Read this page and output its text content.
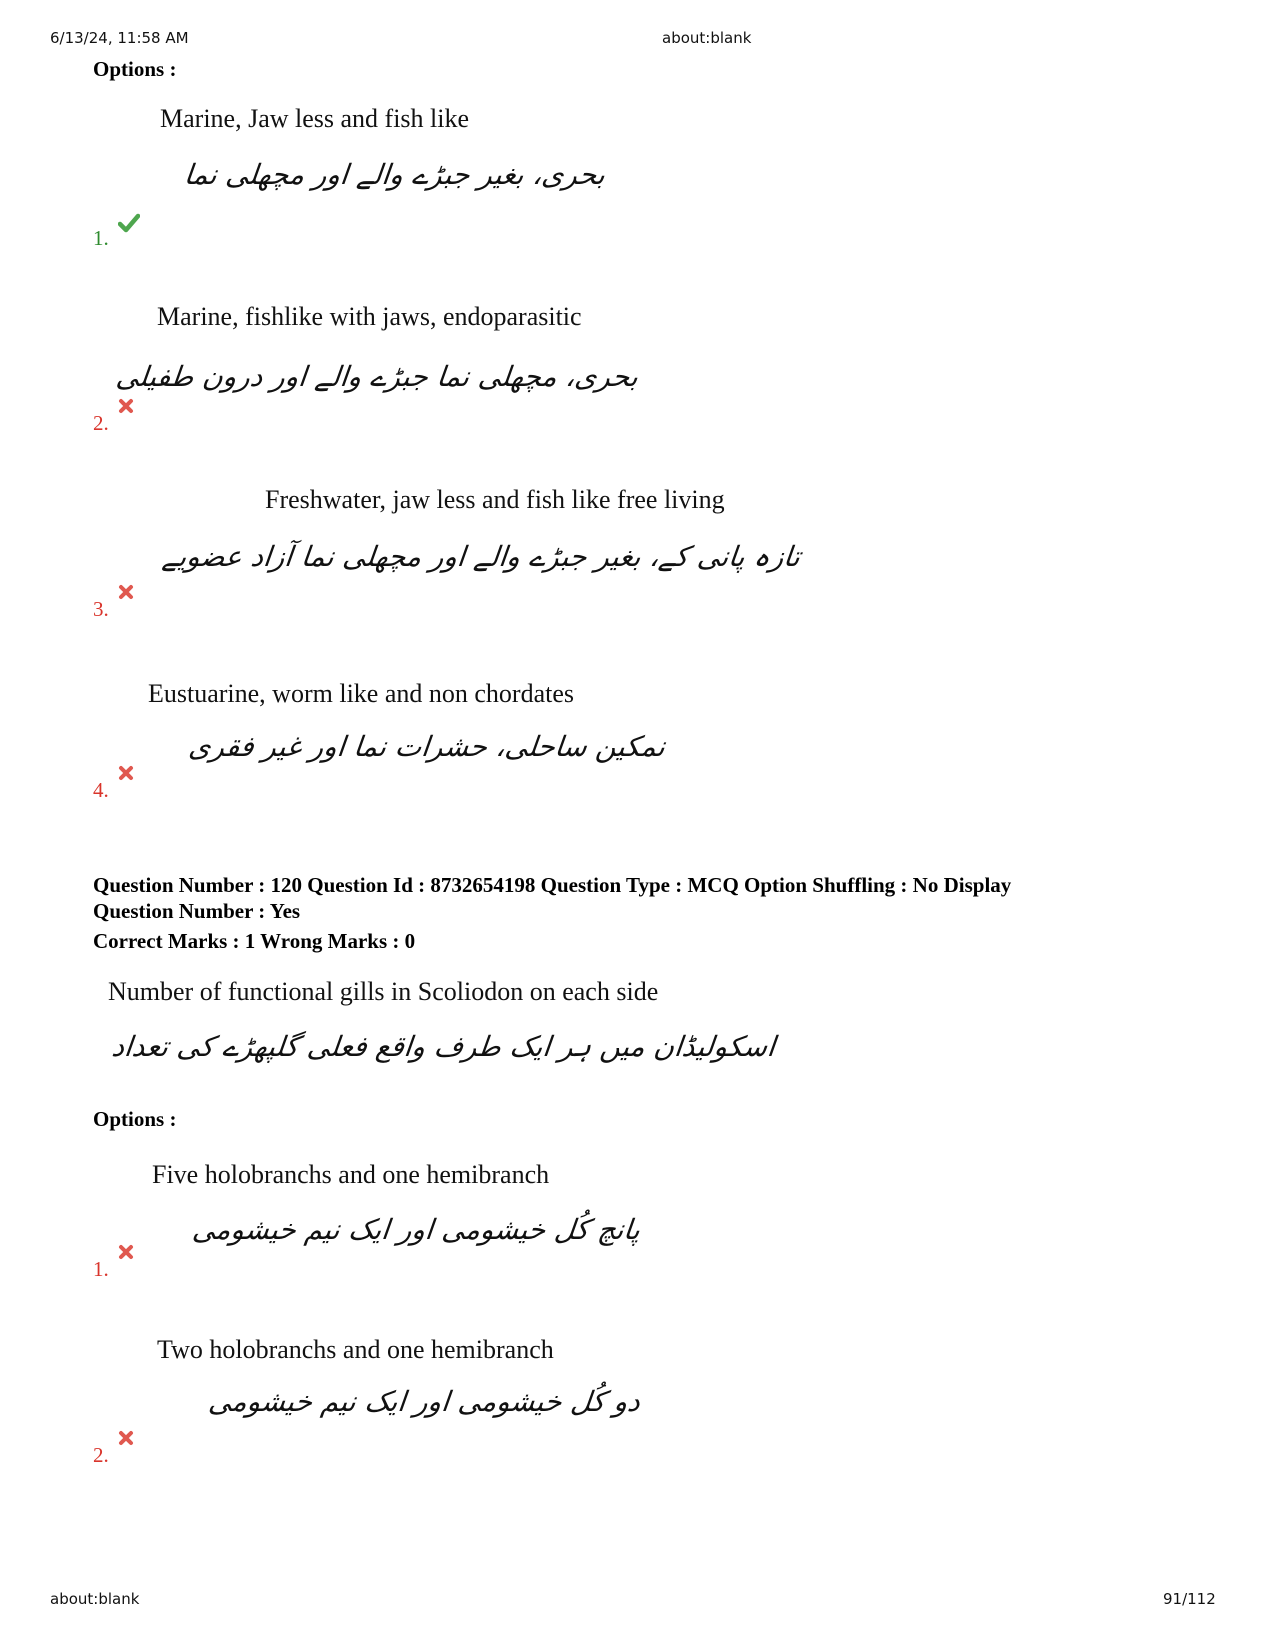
6/13/24, 11:58 AM	about:blank
Options :
Marine, Jaw less and fish like
بحری، بغیر جبڑے والے اور مچھلی نما
1.
Marine, fishlike with jaws, endoparasitic
بحری، مچھلی نما جبڑے والے اور درون طفیلی
2.
Freshwater, jaw less and fish like free living
تازہ پانی کے، بغیر جبڑے والے اور مچھلی نما آزاد عضویے
3.
Eustuarine, worm like and non chordates
نمکین ساحلی، حشرات نما اور غیر فقری
4.
Question Number : 120 Question Id : 8732654198 Question Type : MCQ Option Shuffling : No Display
Question Number : Yes
Correct Marks : 1 Wrong Marks : 0
Number of functional gills in Scoliodon on each side
اسکولیڈان میں ہر ایک طرف واقع فعلی گلپھڑے کی تعداد
Options :
Five holobranchs and one hemibranch
پانچ کُل خیشومی اور ایک نیم خیشومی
1.
Two holobranchs and one hemibranch
دو کُل خیشومی اور ایک نیم خیشومی
2.
about:blank	91/112
